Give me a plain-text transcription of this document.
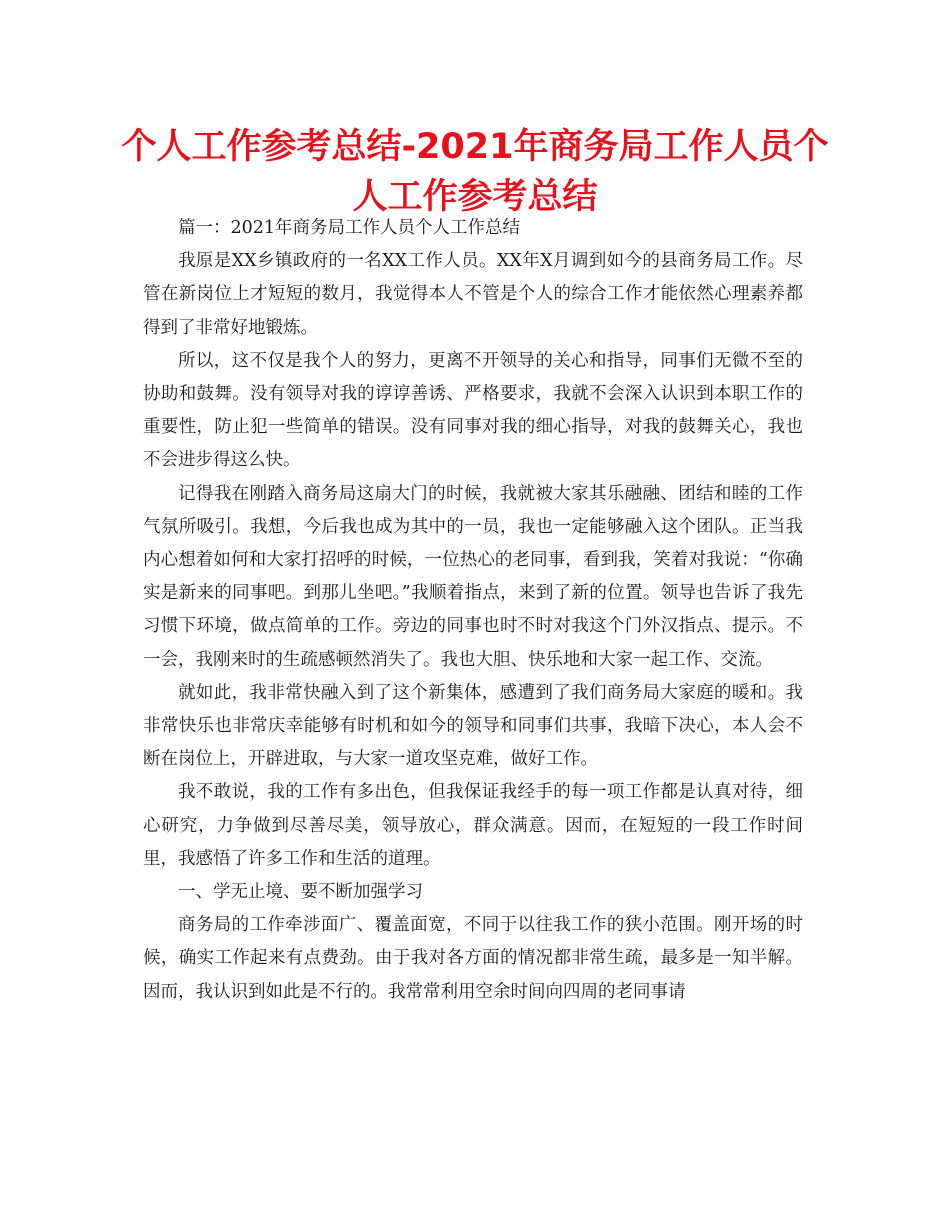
个人工作参考总结-2021年商务局工作人员个人工作参考总结

篇一：2021年商务局工作人员个人工作总结

我原是XX乡镇政府的一名XX工作人员。XX年X月调到如今的县商务局工作。尽管在新岗位上才短短的数月，我觉得本人不管是个人的综合工作才能依然心理素养都得到了非常好地锻炼。

所以，这不仅是我个人的努力，更离不开领导的关心和指导，同事们无微不至的协助和鼓舞。没有领导对我的谆谆善诱、严格要求，我就不会深入认识到本职工作的重要性，防止犯一些简单的错误。没有同事对我的细心指导，对我的鼓舞关心，我也不会进步得这么快。

记得我在刚踏入商务局这扇大门的时候，我就被大家其乐融融、团结和睦的工作气氛所吸引。我想，今后我也成为其中的一员，我也一定能够融入这个团队。正当我内心想着如何和大家打招呼的时候，一位热心的老同事，看到我，笑着对我说：“你确实是新来的同事吧。到那儿坐吧。”我顺着指点，来到了新的位置。领导也告诉了我先习惯下环境，做点简单的工作。旁边的同事也时不时对我这个门外汉指点、提示。不一会，我刚来时的生疏感顿然消失了。我也大胆、快乐地和大家一起工作、交流。

就如此，我非常快融入到了这个新集体，感遭到了我们商务局大家庭的暖和。我非常快乐也非常庆幸能够有时机和如今的领导和同事们共事，我暗下决心，本人会不断在岗位上，开辟进取，与大家一道攻坚克难，做好工作。

我不敢说，我的工作有多出色，但我保证我经手的每一项工作都是认真对待，细心研究，力争做到尽善尽美，领导放心，群众满意。因而，在短短的一段工作时间里，我感悟了许多工作和生活的道理。

一、学无止境、要不断加强学习

商务局的工作牵涉面广、覆盖面宽，不同于以往我工作的狭小范围。刚开场的时候，确实工作起来有点费劲。由于我对各方面的情况都非常生疏，最多是一知半解。因而，我认识到如此是不行的。我常常利用空余时间向四周的老同事请
